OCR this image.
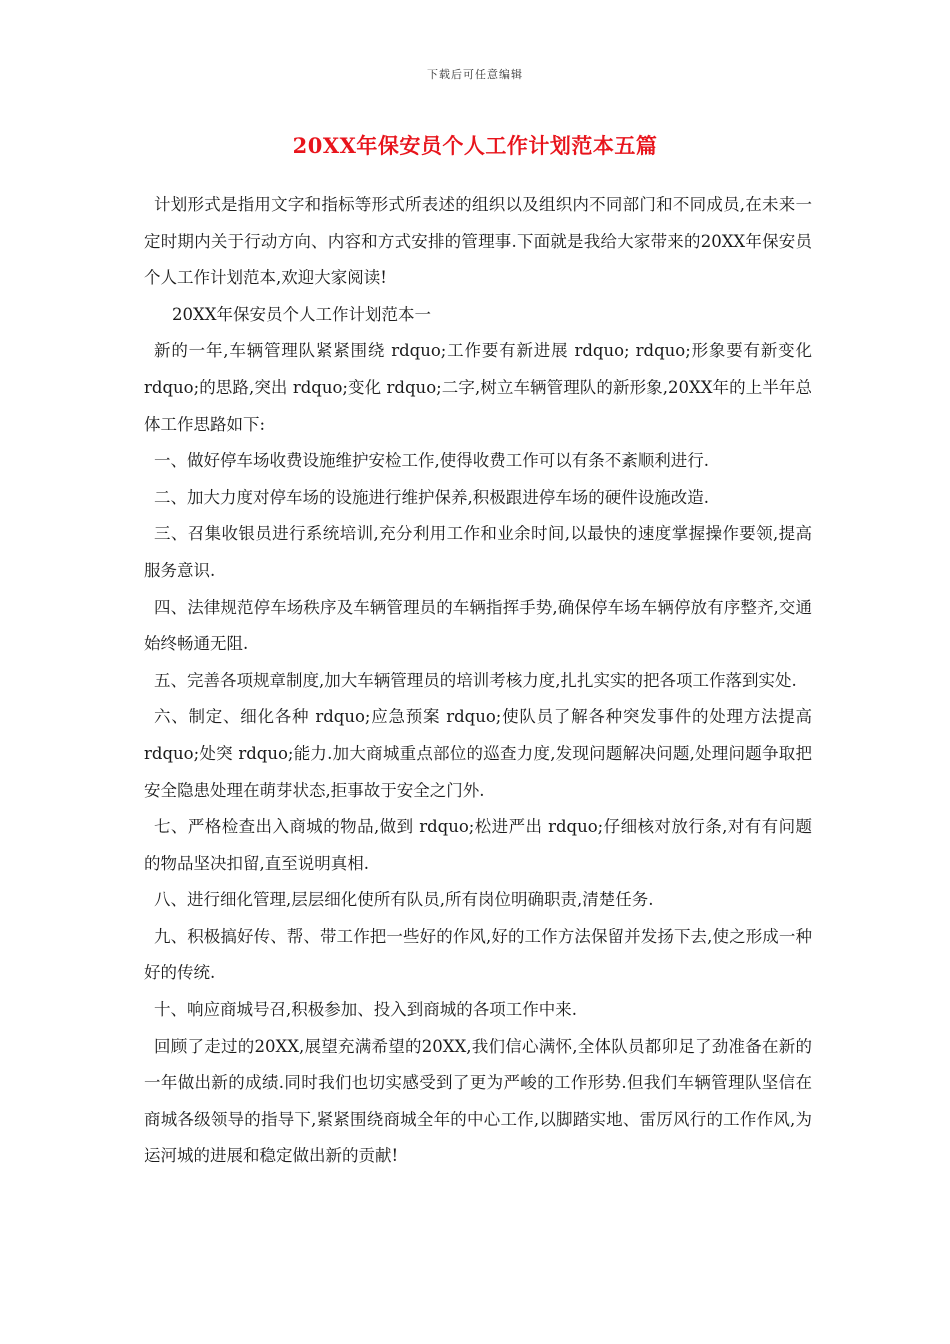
下载后可任意编辑
20XX年保安员个人工作计划范本五篇

计划形式是指用文字和指标等形式所表述的组织以及组织内不同部门和不同成员,在未来一定时期内关于行动方向、内容和方式安排的管理事.下面就是我给大家带来的20XX年保安员个人工作计划范本,欢迎大家阅读!

20XX年保安员个人工作计划范本一

新的一年,车辆管理队紧紧围绕 rdquo;工作要有新进展 rdquo; rdquo;形象要有新变化 rdquo;的思路,突出 rdquo;变化 rdquo;二字,树立车辆管理队的新形象,20XX年的上半年总体工作思路如下:

一、做好停车场收费设施维护安检工作,使得收费工作可以有条不紊顺利进行.

二、加大力度对停车场的设施进行维护保养,积极跟进停车场的硬件设施改造.

三、召集收银员进行系统培训,充分利用工作和业余时间,以最快的速度掌握操作要领,提高服务意识.

四、法律规范停车场秩序及车辆管理员的车辆指挥手势,确保停车场车辆停放有序整齐,交通始终畅通无阻.

五、完善各项规章制度,加大车辆管理员的培训考核力度,扎扎实实的把各项工作落到实处.

六、制定、细化各种 rdquo;应急预案 rdquo;使队员了解各种突发事件的处理方法提高 rdquo;处突 rdquo;能力.加大商城重点部位的巡查力度,发现问题解决问题,处理问题争取把安全隐患处理在萌芽状态,拒事故于安全之门外.

七、严格检查出入商城的物品,做到 rdquo;松进严出 rdquo;仔细核对放行条,对有有问题的物品坚决扣留,直至说明真相.

八、进行细化管理,层层细化使所有队员,所有岗位明确职责,清楚任务.

九、积极搞好传、帮、带工作把一些好的作风,好的工作方法保留并发扬下去,使之形成一种好的传统.

十、响应商城号召,积极参加、投入到商城的各项工作中来.

回顾了走过的20XX,展望充满希望的20XX,我们信心满怀,全体队员都卯足了劲准备在新的一年做出新的成绩.同时我们也切实感受到了更为严峻的工作形势.但我们车辆管理队坚信在商城各级领导的指导下,紧紧围绕商城全年的中心工作,以脚踏实地、雷厉风行的工作作风,为运河城的进展和稳定做出新的贡献!
